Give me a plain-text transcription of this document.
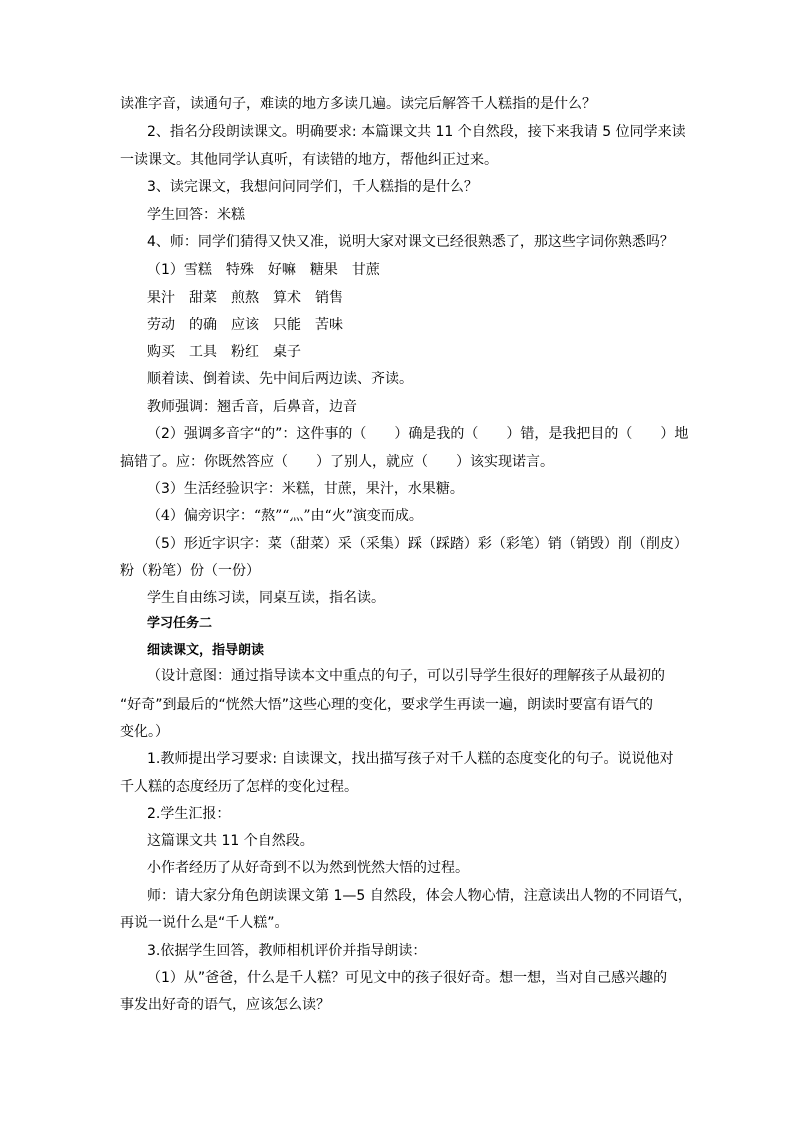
读准字音，读通句子，难读的地方多读几遍。读完后解答千人糕指的是什么？
2、指名分段朗读课文。明确要求: 本篇课文共 11 个自然段，接下来我请 5 位同学来读
一读课文。其他同学认真听，有读错的地方，帮他纠正过来。
3、读完课文，我想问问同学们，千人糕指的是什么？
学生回答：米糕
4、师：同学们猜得又快又准，说明大家对课文已经很熟悉了，那这些字词你熟悉吗？
（1）雪糕　特殊　好嘛　糖果　甘蔗
果汁　甜菜　煎熬　算术　销售
劳动　的确　应该　只能　苦味
购买　工具　粉红　桌子
顺着读、倒着读、先中间后两边读、齐读。
教师强调：翘舌音，后鼻音，边音
（2）强调多音字“的”：这件事的（　　）确是我的（　　）错，是我把目的（　　）地
搞错了。应：你既然答应（　　）了别人，就应（　　）该实现诺言。
（3）生活经验识字：米糕，甘蔗，果汁，水果糖。
（4）偏旁识字：“熬”“灬”由“火”演变而成。
（5）形近字识字：菜（甜菜）采（采集）踩（踩踏）彩（彩笔）销（销毁）削（削皮）
粉（粉笔）份（一份）
学生自由练习读，同桌互读，指名读。
学习任务二
细读课文，指导朗读
（设计意图：通过指导读本文中重点的句子，可以引导学生很好的理解孩子从最初的
“好奇”到最后的“恍然大悟”这些心理的变化，要求学生再读一遍，朗读时要富有语气的
变化。）
1.教师提出学习要求: 自读课文，找出描写孩子对千人糕的态度变化的句子。说说他对
千人糕的态度经历了怎样的变化过程。
2.学生汇报：
这篇课文共 11 个自然段。
小作者经历了从好奇到不以为然到恍然大悟的过程。
师：请大家分角色朗读课文第 1—5 自然段，体会人物心情，注意读出人物的不同语气，
再说一说什么是“千人糕”。
3.依据学生回答，教师相机评价并指导朗读：
（1）从”爸爸，什么是千人糕？可见文中的孩子很好奇。想一想，当对自己感兴趣的
事发出好奇的语气，应该怎么读？
